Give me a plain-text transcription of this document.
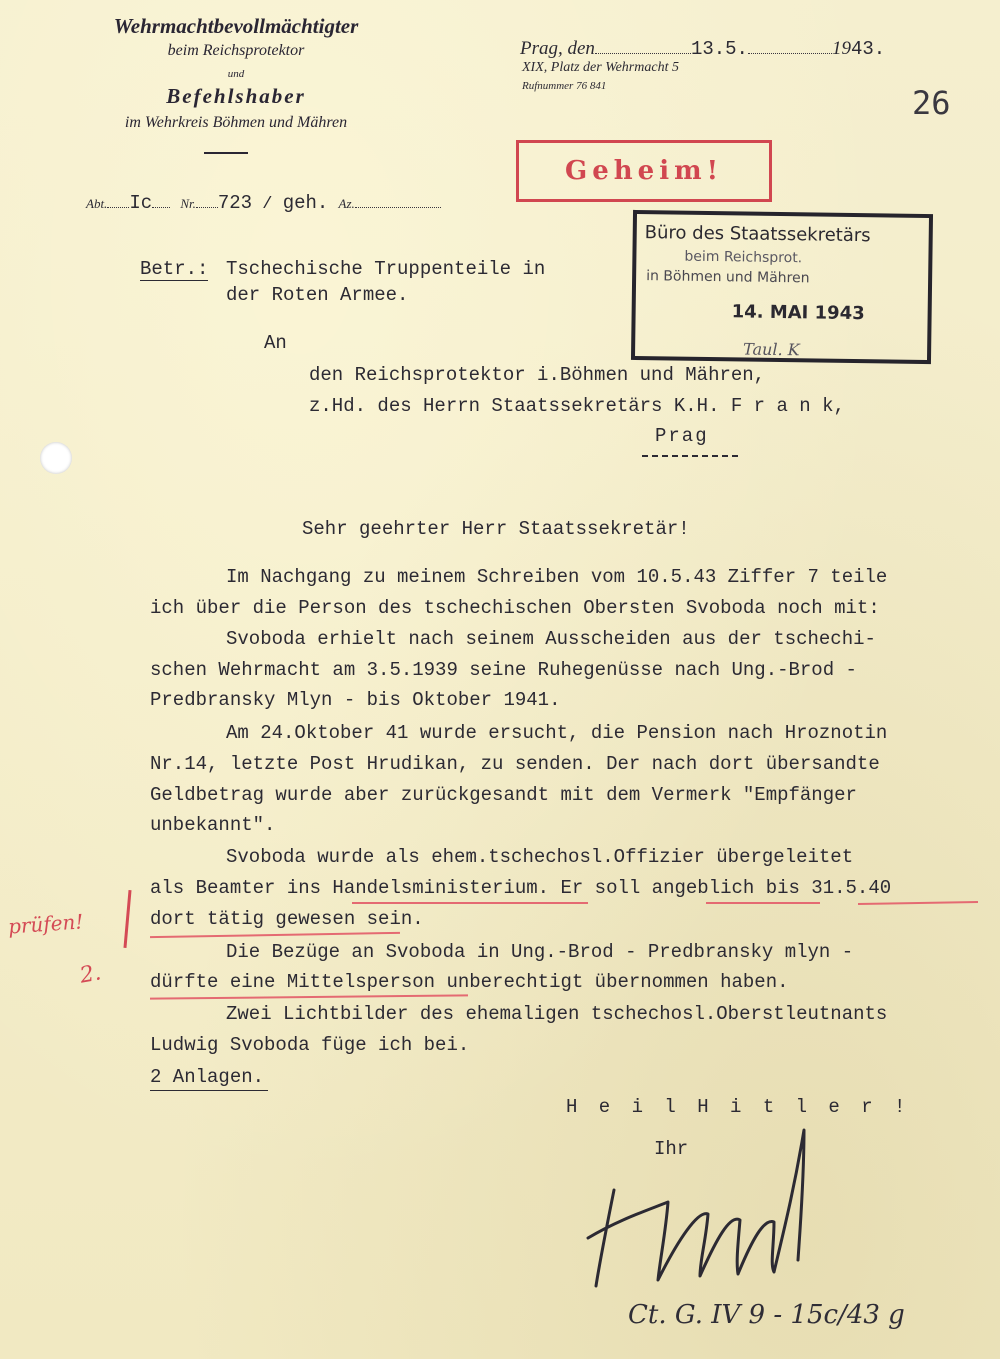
Wehrmachtbevollmächtigter
beim Reichsprotektor
und
Befehlshaber
im Wehrkreis Böhmen und Mähren
Prag, den	13.5.	1943.
XIX, Platz der Wehrmacht 5
Rufnummer 76 841	26
Geheim!
Büro des Staatssekretärs
beim Reichsprot.
in Böhmen und Mähren
14. MAI 1943
Taul. K
Abt. Ic Nr. 723 / geh. Az.
Betr.: Tschechische Truppenteile in
der Roten Armee.
An
den Reichsprotektor i.Böhmen und Mähren,
z.Hd. des Herrn Staatssekretärs K.H. F r a n k,
Prag
Sehr geehrter Herr Staatssekretär!
Im Nachgang zu meinem Schreiben vom 10.5.43 Ziffer 7 teile
ich über die Person des tschechischen Obersten Svoboda noch mit:
Svoboda erhielt nach seinem Ausscheiden aus der tschechi-
schen Wehrmacht am 3.5.1939 seine Ruhegenüsse nach Ung.-Brod -
Predbransky Mlyn - bis Oktober 1941.
Am 24.Oktober 41 wurde ersucht, die Pension nach Hroznotin
Nr.14, letzte Post Hrudikan, zu senden. Der nach dort übersandte
Geldbetrag wurde aber zurückgesandt mit dem Vermerk "Empfänger
unbekannt".
Svoboda wurde als ehem.tschechosl.Offizier übergeleitet
als Beamter ins Handelsministerium. Er soll angeblich bis 31.5.40
dort tätig gewesen sein.
Die Bezüge an Svoboda in Ung.-Brod - Predbransky mlyn -
dürfte eine Mittelsperson unberechtigt übernommen haben.
Zwei Lichtbilder des ehemaligen tschechosl.Oberstleutnants
Ludwig Svoboda füge ich bei.
2 Anlagen.
prüfen!
2.
H e i l H i t l e r !
Ihr
Ct. G. IV 9 - 15c/43 g
